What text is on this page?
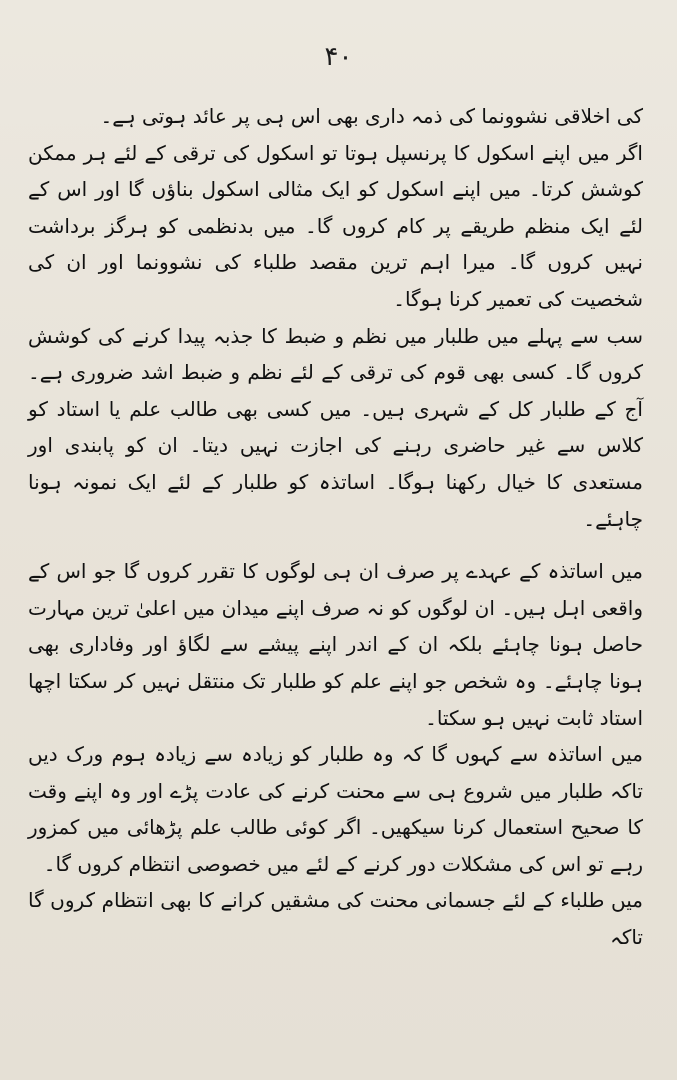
۴۰

کی اخلاقی نشوونما کی ذمہ داری بھی اس ہی پر عائد ہوتی ہے۔

اگر میں اپنے اسکول کا پرنسپل ہوتا تو اسکول کی ترقی کے لئے ہر ممکن کوشش کرتا۔ میں اپنے اسکول کو ایک مثالی اسکول بناؤں گا اور اس کے لئے ایک منظم طریقے پر کام کروں گا۔ میں بدنظمی کو ہرگز برداشت نہیں کروں گا۔ میرا اہم ترین مقصد طلباء کی نشوونما اور ان کی شخصیت کی تعمیر کرنا ہوگا۔

سب سے پہلے میں طلبار میں نظم و ضبط کا جذبہ پیدا کرنے کی کوشش کروں گا۔ کسی بھی قوم کی ترقی کے لئے نظم و ضبط اشد ضروری ہے۔ آج کے طلبار کل کے شہری ہیں۔ میں کسی بھی طالب علم یا استاد کو کلاس سے غیر حاضری رہنے کی اجازت نہیں دیتا۔ ان کو پابندی اور مستعدی کا خیال رکھنا ہوگا۔ اساتذہ کو طلبار کے لئے ایک نمونہ ہونا چاہئے۔

میں اساتذہ کے عہدے پر صرف ان ہی لوگوں کا تقرر کروں گا جو اس کے واقعی اہل ہیں۔ ان لوگوں کو نہ صرف اپنے میدان میں اعلیٰ ترین مہارت حاصل ہونا چاہئے بلکہ ان کے اندر اپنے پیشے سے لگاؤ اور وفاداری بھی ہونا چاہئے۔ وہ شخص جو اپنے علم کو طلبار تک منتقل نہیں کر سکتا اچھا استاد ثابت نہیں ہو سکتا۔

میں اساتذہ سے کہوں گا کہ وہ طلبار کو زیادہ سے زیادہ ہوم ورک دیں تاکہ طلبار میں شروع ہی سے محنت کرنے کی عادت پڑے اور وہ اپنے وقت کا صحیح استعمال کرنا سیکھیں۔ اگر کوئی طالب علم پڑھائی میں کمزور رہے تو اس کی مشکلات دور کرنے کے لئے میں خصوصی انتظام کروں گا۔

میں طلباء کے لئے جسمانی محنت کی مشقیں کرانے کا بھی انتظام کروں گا تاکہ
